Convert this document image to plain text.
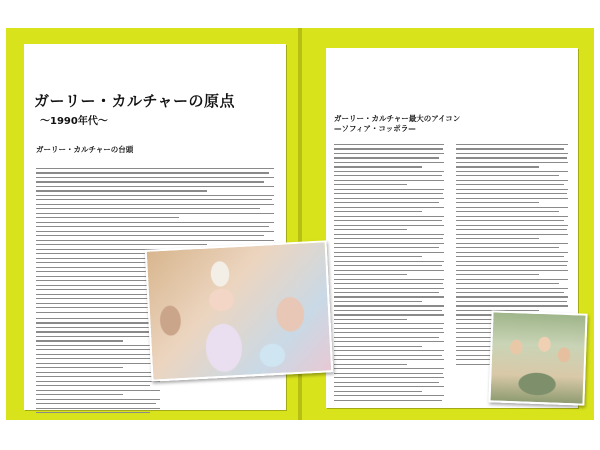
ガーリー・カルチャーの原点
〜1990年代〜
ガーリー・カルチャーの台頭
ガーリー・カルチャー最大のアイコン
—ソフィア・コッポラ—
